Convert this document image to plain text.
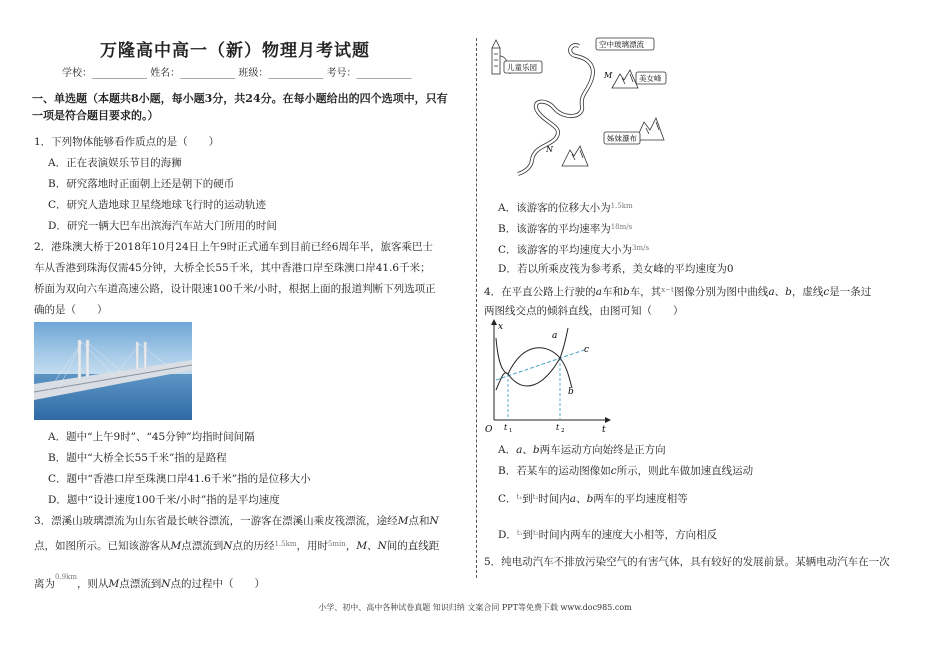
万隆高中高一（新）物理月考试题
学校：___________ 姓名：___________ 班级：___________ 考号：___________
一、单选题（本题共8小题，每小题3分，共24分。在每小题给出的四个选项中，只有
一项是符合题目要求的。）
1．下列物体能够看作质点的是（　　）
A．正在表演娱乐节目的海狮
B．研究落地时正面朝上还是朝下的硬币
C．研究人造地球卫星绕地球飞行时的运动轨迹
D．研究一辆大巴车出滨海汽车站大门所用的时间
2．港珠澳大桥于2018年10月24日上午9时正式通车到目前已经6周年半，旅客乘巴士
车从香港到珠海仅需45分钟，大桥全长55千米，其中香港口岸至珠澳口岸41.6千米；
桥面为双向六车道高速公路，设计限速100千米/小时，根据上面的报道判断下列选项正
确的是（　　）
A．题中“上午9时”、“45分钟”均指时间间隔
B．题中“大桥全长55千米”指的是路程
C．题中“香港口岸至珠澳口岸41.6千米”指的是位移大小
D．题中“设计速度100千米/小时”指的是平均速度
3．漂溪山玻璃漂流为山东省最长峡谷漂流，一游客在漂溪山乘皮筏漂流，途经M点和N
点，如图所示。已知该游客从M点漂流到N点的历经$^{1.5km}$，用时$^{5min}$，M、N间的直线距
离为$^{0.9km}$，则从M点漂流到N点的过程中（　　）
儿童乐园
空中玻璃漂流
M
N
美女峰
姊妹瀑布
A．该游客的位移大小为$^{1.5km}$
B．该游客的平均速率为$^{18m/s}$
C．该游客的平均速度大小为$^{3m/s}$
D．若以所乘皮筏为参考系，美女峰的平均速度为0
4．在平直公路上行驶的a车和b车，其$^{x-t}$图像分别为图中曲线a、b，虚线c是一条过
两图线交点的倾斜直线，由图可知（　　）
x
t
O
a
b
c
t 1	t 2
A．a、b两车运动方向始终是正方向
B．若某车的运动图像如c所示，则此车做加速直线运动
C．$^{t_1}$到$^{t_2}$时间内a、b两车的平均速度相等
D．$^{t_1}$到$^{t_2}$时间内两车的速度大小相等，方向相反
5．纯电动汽车不排放污染空气的有害气体，具有较好的发展前景。某辆电动汽车在一次
小学、初中、高中各种试卷真题 知识归纳 文案合同 PPT等免费下载 www.doc985.com
